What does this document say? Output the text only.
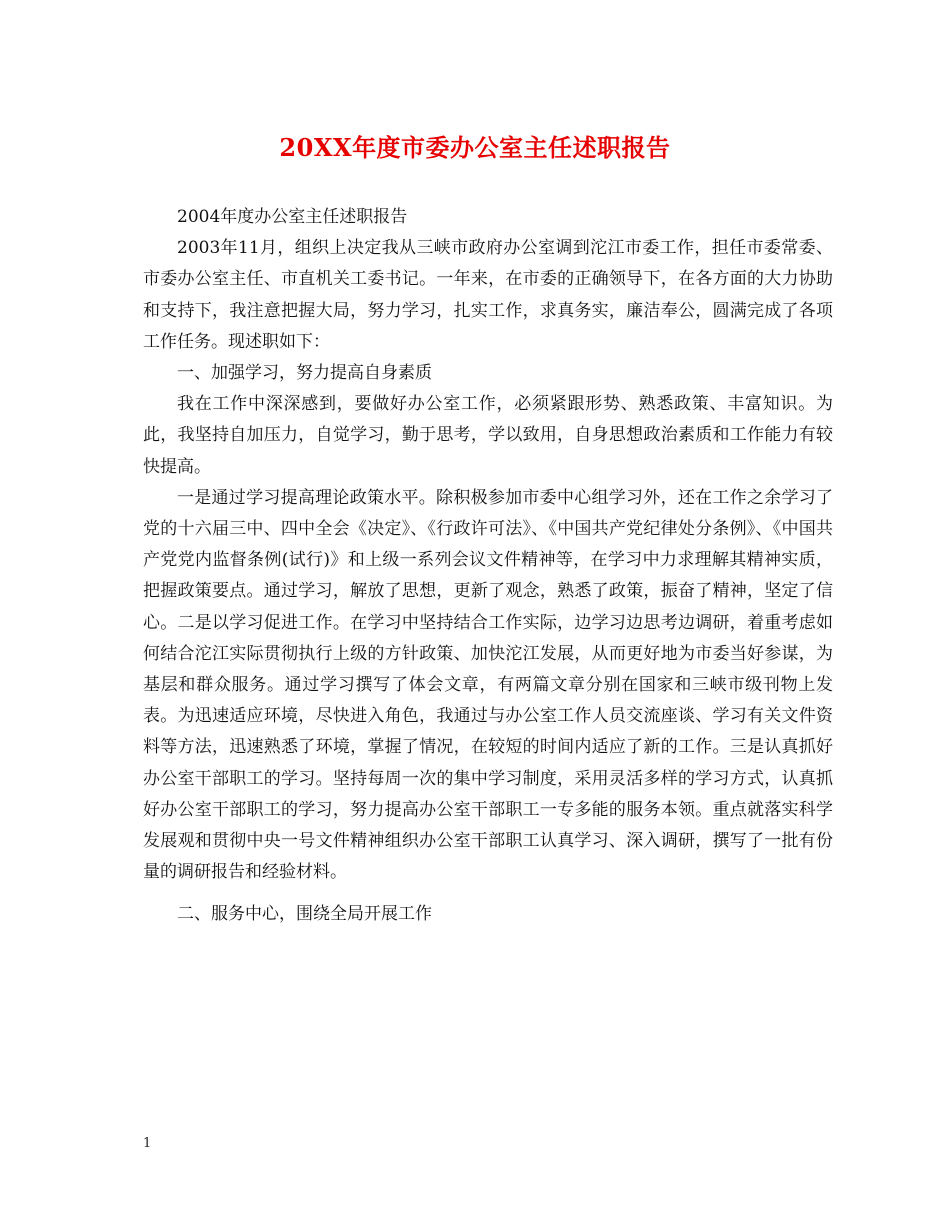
20XX年度市委办公室主任述职报告

2004年度办公室主任述职报告

2003年11月，组织上决定我从三峡市政府办公室调到沱江市委工作，担任市委常委、市委办公室主任、市直机关工委书记。一年来，在市委的正确领导下，在各方面的大力协助和支持下，我注意把握大局，努力学习，扎实工作，求真务实，廉洁奉公，圆满完成了各项工作任务。现述职如下：

一、加强学习，努力提高自身素质

我在工作中深深感到，要做好办公室工作，必须紧跟形势、熟悉政策、丰富知识。为此，我坚持自加压力，自觉学习，勤于思考，学以致用，自身思想政治素质和工作能力有较快提高。

一是通过学习提高理论政策水平。除积极参加市委中心组学习外，还在工作之余学习了党的十六届三中、四中全会《决定》、《行政许可法》、《中国共产党纪律处分条例》、《中国共产党党内监督条例(试行)》和上级一系列会议文件精神等，在学习中力求理解其精神实质，把握政策要点。通过学习，解放了思想，更新了观念，熟悉了政策，振奋了精神，坚定了信心。二是以学习促进工作。在学习中坚持结合工作实际，边学习边思考边调研，着重考虑如何结合沱江实际贯彻执行上级的方针政策、加快沱江发展，从而更好地为市委当好参谋，为基层和群众服务。通过学习撰写了体会文章，有两篇文章分别在国家和三峡市级刊物上发表。为迅速适应环境，尽快进入角色，我通过与办公室工作人员交流座谈、学习有关文件资料等方法，迅速熟悉了环境，掌握了情况，在较短的时间内适应了新的工作。三是认真抓好办公室干部职工的学习。坚持每周一次的集中学习制度，采用灵活多样的学习方式，认真抓好办公室干部职工的学习，努力提高办公室干部职工一专多能的服务本领。重点就落实科学发展观和贯彻中央一号文件精神组织办公室干部职工认真学习、深入调研，撰写了一批有份量的调研报告和经验材料。

二、服务中心，围绕全局开展工作

1
